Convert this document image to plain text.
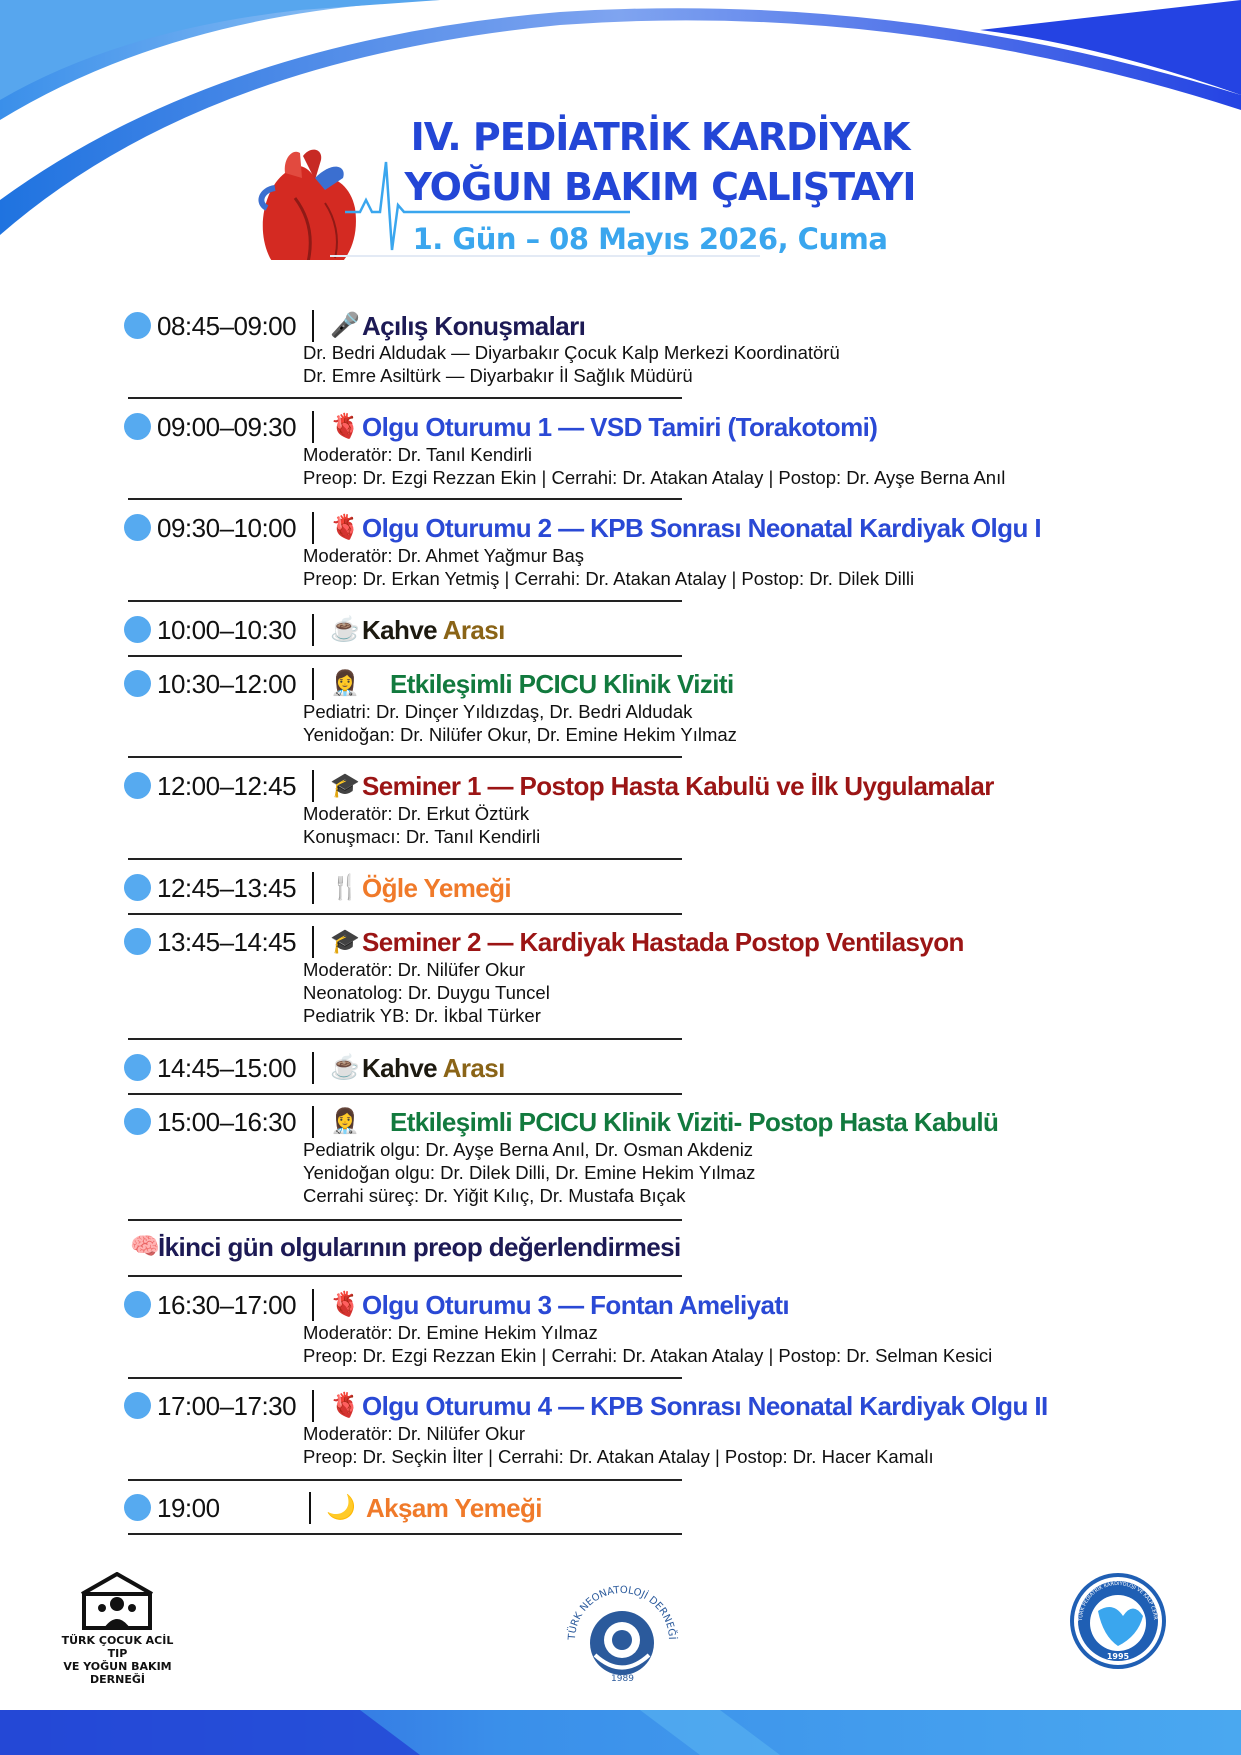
IV. PEDİATRİK KARDİYAK
YOĞUN BAKIM ÇALIŞTAYI
1. Gün – 08 Mayıs 2026, Cuma
08:45–09:00 🎤 Açılış Konuşmaları
Dr. Bedri Aldudak — Diyarbakır Çocuk Kalp Merkezi Koordinatörü
Dr. Emre Asiltürk — Diyarbakır İl Sağlık Müdürü
09:00–09:30 🫀 Olgu Oturumu 1 — VSD Tamiri (Torakotomi)
Moderatör: Dr. Tanıl Kendirli
Preop: Dr. Ezgi Rezzan Ekin | Cerrahi: Dr. Atakan Atalay | Postop: Dr. Ayşe Berna Anıl
09:30–10:00 🫀 Olgu Oturumu 2 — KPB Sonrası Neonatal Kardiyak Olgu I
Moderatör: Dr. Ahmet Yağmur Baş
Preop: Dr. Erkan Yetmiş | Cerrahi: Dr. Atakan Atalay | Postop: Dr. Dilek Dilli
10:00–10:30 ☕ Kahve Arası
10:30–12:00 👩‍⚕️ Etkileşimli PCICU Klinik Viziti
Pediatri: Dr. Dinçer Yıldızdaş, Dr. Bedri Aldudak
Yenidoğan: Dr. Nilüfer Okur, Dr. Emine Hekim Yılmaz
12:00–12:45 🎓 Seminer 1 — Postop Hasta Kabulü ve İlk Uygulamalar
Moderatör: Dr. Erkut Öztürk
Konuşmacı: Dr. Tanıl Kendirli
12:45–13:45 🍴 Öğle Yemeği
13:45–14:45 🎓 Seminer 2 — Kardiyak Hastada Postop Ventilasyon
Moderatör: Dr. Nilüfer Okur
Neonatolog: Dr. Duygu Tuncel
Pediatrik YB: Dr. İkbal Türker
14:45–15:00 ☕ Kahve Arası
15:00–16:30 👩‍⚕️ Etkileşimli PCICU Klinik Viziti- Postop Hasta Kabulü
Pediatrik olgu: Dr. Ayşe Berna Anıl, Dr. Osman Akdeniz
Yenidoğan olgu: Dr. Dilek Dilli, Dr. Emine Hekim Yılmaz
Cerrahi süreç: Dr. Yiğit Kılıç, Dr. Mustafa Bıçak
🧠
İkinci gün olgularının preop değerlendirmesi
16:30–17:00 🫀 Olgu Oturumu 3 — Fontan Ameliyatı
Moderatör: Dr. Emine Hekim Yılmaz
Preop: Dr. Ezgi Rezzan Ekin | Cerrahi: Dr. Atakan Atalay | Postop: Dr. Selman Kesici
17:00–17:30 🫀 Olgu Oturumu 4 — KPB Sonrası Neonatal Kardiyak Olgu II
Moderatör: Dr. Nilüfer Okur
Preop: Dr. Seçkin İlter | Cerrahi: Dr. Atakan Atalay | Postop: Dr. Hacer Kamalı
19:00	🌙 Akşam Yemeği
TÜRK ÇOCUK ACİL TIP
VE YOĞUN BAKIM
DERNEĞİ
TÜRK NEONATOLOJİ DERNEĞİ
1989
TÜRK PEDİATRİK KARDİYOLOJİ VE KALP CERR
1995
